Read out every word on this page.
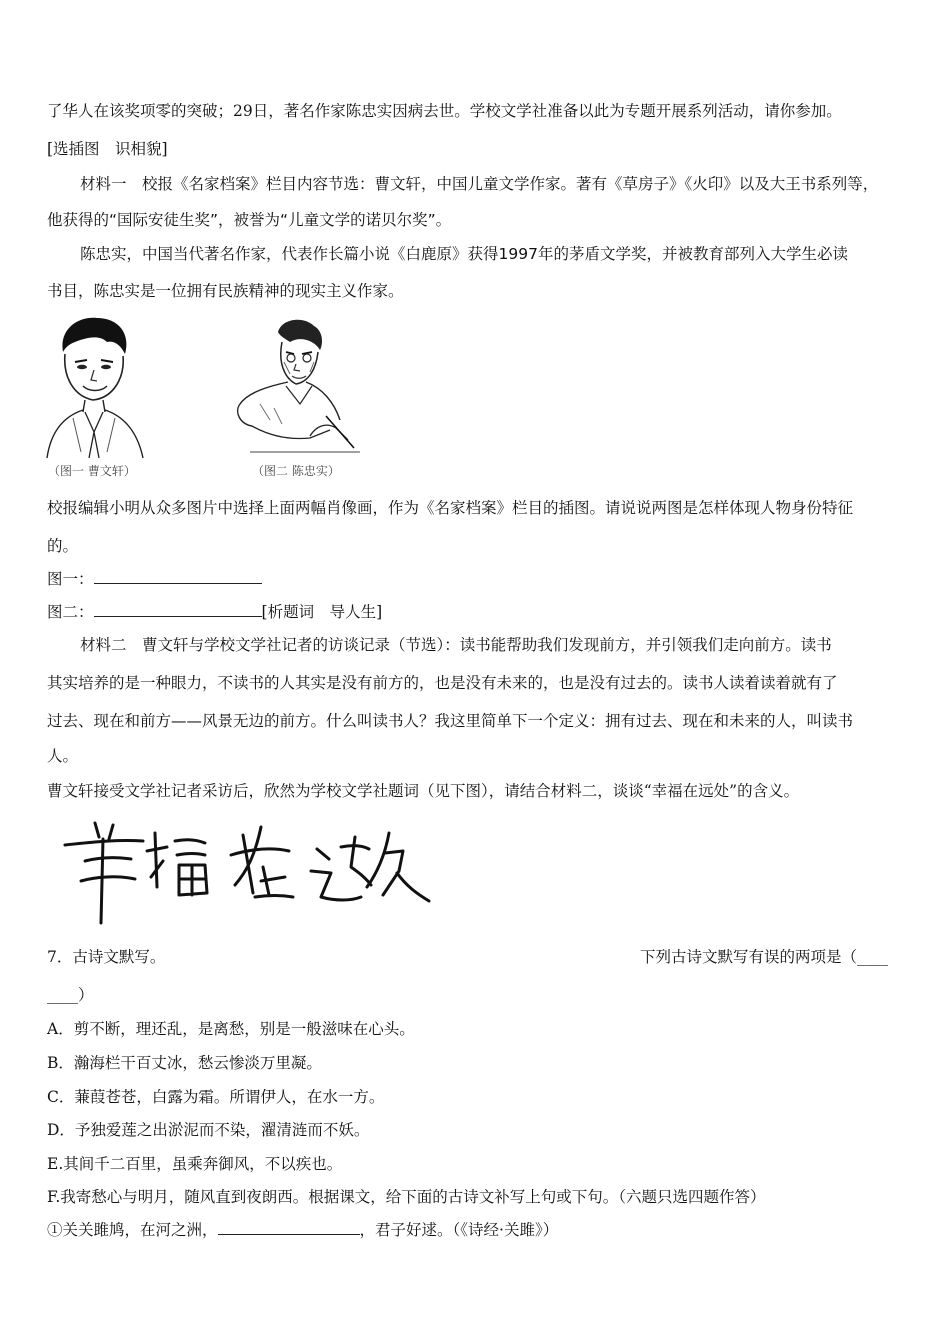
了华人在该奖项零的突破；29日，著名作家陈忠实因病去世。学校文学社准备以此为专题开展系列活动，请你参加。
[选插图　识相貌]
材料一　校报《名家档案》栏目内容节选：曹文轩，中国儿童文学作家。著有《草房子》《火印》以及大王书系列等，
他获得的“国际安徒生奖”，被誉为“儿童文学的诺贝尔奖”。
陈忠实，中国当代著名作家，代表作长篇小说《白鹿原》获得1997年的茅盾文学奖，并被教育部列入大学生必读
书目，陈忠实是一位拥有民族精神的现实主义作家。
（图一 曹文轩）	（图二 陈忠实）
校报编辑小明从众多图片中选择上面两幅肖像画，作为《名家档案》栏目的插图。请说说两图是怎样体现人物身份特征
的。
图一：
图二：	[析题词　导人生]
材料二　曹文轩与学校文学社记者的访谈记录（节选）：读书能帮助我们发现前方，并引领我们走向前方。读书
其实培养的是一种眼力，不读书的人其实是没有前方的，也是没有未来的，也是没有过去的。读书人读着读着就有了
过去、现在和前方——风景无边的前方。什么叫读书人？我这里简单下一个定义：拥有过去、现在和未来的人，叫读书
人。
曹文轩接受文学社记者采访后，欣然为学校文学社题词（见下图），请结合材料二，谈谈“幸福在远处”的含义。
7．古诗文默写。	下列古诗文默写有误的两项是（____
____）
A．剪不断，理还乱，是离愁，别是一般滋味在心头。
B．瀚海栏干百丈冰，愁云惨淡万里凝。
C．蒹葭苍苍，白露为霜。所谓伊人，在水一方。
D．予独爱莲之出淤泥而不染，濯清涟而不妖。
E.其间千二百里，虽乘奔御风，不以疾也。
F.我寄愁心与明月，随风直到夜朗西。根据课文，给下面的古诗文补写上句或下句。（六题只选四题作答）
①关关雎鸠，在河之洲，	，君子好逑。（《诗经·关雎》）
